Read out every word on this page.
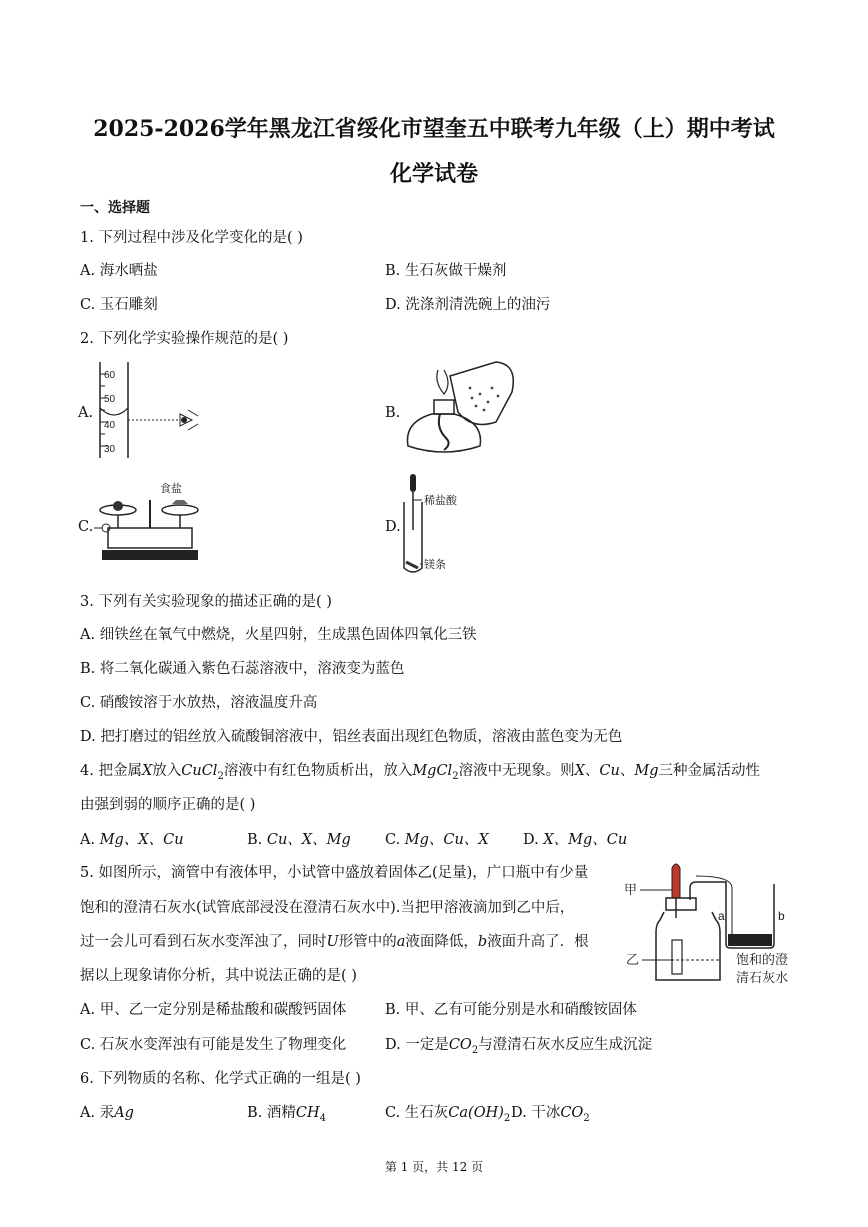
2025-2026学年黑龙江省绥化市望奎五中联考九年级（上）期中考试
化学试卷
一、选择题
1. 下列过程中涉及化学变化的是( )
A. 海水晒盐	B. 生石灰做干燥剂
C. 玉石雕刻	D. 洗涤剂清洗碗上的油污
2. 下列化学实验操作规范的是( )
A.
60
50
40
30
B.
C.
食盐
D.
稀盐酸
镁条
3. 下列有关实验现象的描述正确的是( )
A. 细铁丝在氧气中燃烧，火星四射，生成黑色固体四氧化三铁
B. 将二氧化碳通入紫色石蕊溶液中，溶液变为蓝色
C. 硝酸铵溶于水放热，溶液温度升高
D. 把打磨过的铝丝放入硫酸铜溶液中，铝丝表面出现红色物质，溶液由蓝色变为无色
4. 把金属X放入CuCl$_2$溶液中有红色物质析出，放入MgCl$_2$溶液中无现象。则X、Cu、Mg三种金属活动性
由强到弱的顺序正确的是( )
A. Mg、X、Cu	B. Cu、X、Mg C. Mg、Cu、X D. X、Mg、Cu
5. 如图所示，滴管中有液体甲，小试管中盛放着固体乙(足量)，广口瓶中有少量
饱和的澄清石灰水(试管底部浸没在澄清石灰水中).当把甲溶液滴加到乙中后，
过一会儿可看到石灰水变浑浊了，同时U形管中的a液面降低，b液面升高了．根
据以上现象请你分析，其中说法正确的是( )
甲
a	b
乙	饱和的澄
清石灰水
A. 甲、乙一定分别是稀盐酸和碳酸钙固体	B. 甲、乙有可能分别是水和硝酸铵固体
C. 石灰水变浑浊有可能是发生了物理变化	D. 一定是$CO_2$与澄清石灰水反应生成沉淀
6. 下列物质的名称、化学式正确的一组是( )
A. 汞Ag	B. 酒精$CH_4$	C. 生石灰$Ca(OH)_2$ D. 干冰$CO_2$
第 1 页，共 12 页
